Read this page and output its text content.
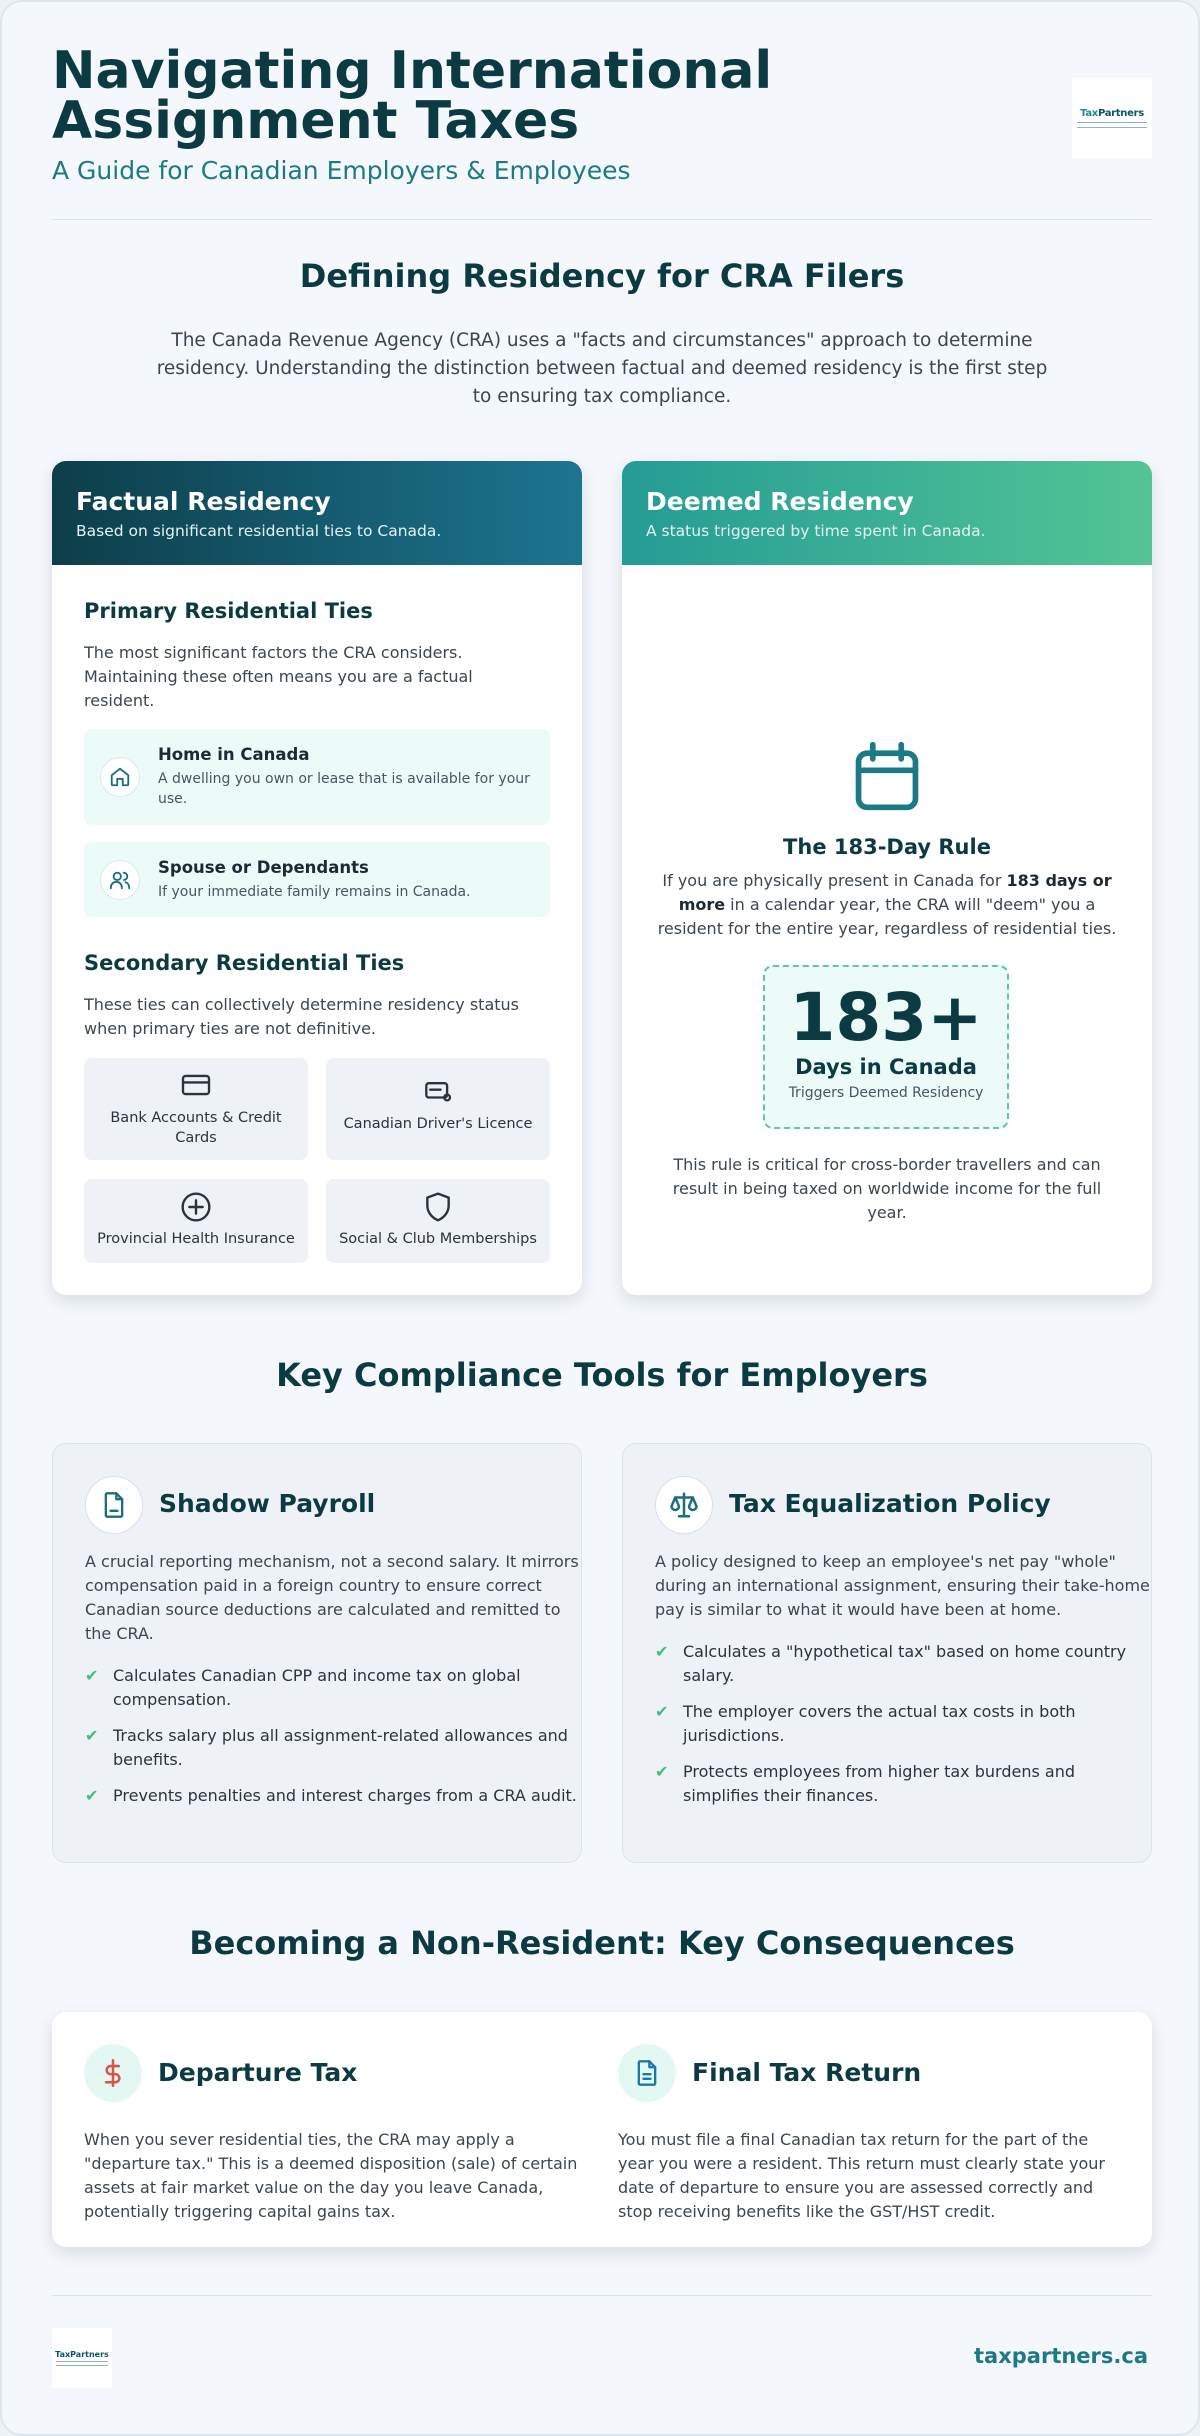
Navigating International Assignment Taxes
A Guide for Canadian Employers & Employees
TaxPartners
Defining Residency for CRA Filers
The Canada Revenue Agency (CRA) uses a "facts and circumstances" approach to determine residency. Understanding the distinction between factual and deemed residency is the first step to ensuring tax compliance.
Factual Residency
Based on significant residential ties to Canada.
Primary Residential Ties
The most significant factors the CRA considers. Maintaining these often means you are a factual resident.
Home in Canada
A dwelling you own or lease that is available for your use.
Spouse or Dependants
If your immediate family remains in Canada.
Secondary Residential Ties
These ties can collectively determine residency status when primary ties are not definitive.
Bank Accounts & Credit Cards
Canadian Driver's Licence
Provincial Health Insurance	Social & Club Memberships
Deemed Residency
A status triggered by time spent in Canada.
The 183-Day Rule
If you are physically present in Canada for 183 days or more in a calendar year, the CRA will "deem" you a resident for the entire year, regardless of residential ties.
183+
Days in Canada
Triggers Deemed Residency
This rule is critical for cross-border travellers and can result in being taxed on worldwide income for the full year.
Key Compliance Tools for Employers
Shadow Payroll
A crucial reporting mechanism, not a second salary. It mirrors compensation paid in a foreign country to ensure correct Canadian source deductions are calculated and remitted to the CRA.
✔ Calculates Canadian CPP and income tax on global compensation.
✔ Tracks salary plus all assignment-related allowances and benefits.
✔ Prevents penalties and interest charges from a CRA audit.
Tax Equalization Policy
A policy designed to keep an employee's net pay "whole" during an international assignment, ensuring their take-home pay is similar to what it would have been at home.
✔ Calculates a "hypothetical tax" based on home country salary.
✔ The employer covers the actual tax costs in both jurisdictions.
✔ Protects employees from higher tax burdens and simplifies their finances.
Becoming a Non-Resident: Key Consequences
Departure Tax
When you sever residential ties, the CRA may apply a "departure tax." This is a deemed disposition (sale) of certain assets at fair market value on the day you leave Canada, potentially triggering capital gains tax.
Final Tax Return
You must file a final Canadian tax return for the part of the year you were a resident. This return must clearly state your date of departure to ensure you are assessed correctly and stop receiving benefits like the GST/HST credit.
TaxPartners	taxpartners.ca
